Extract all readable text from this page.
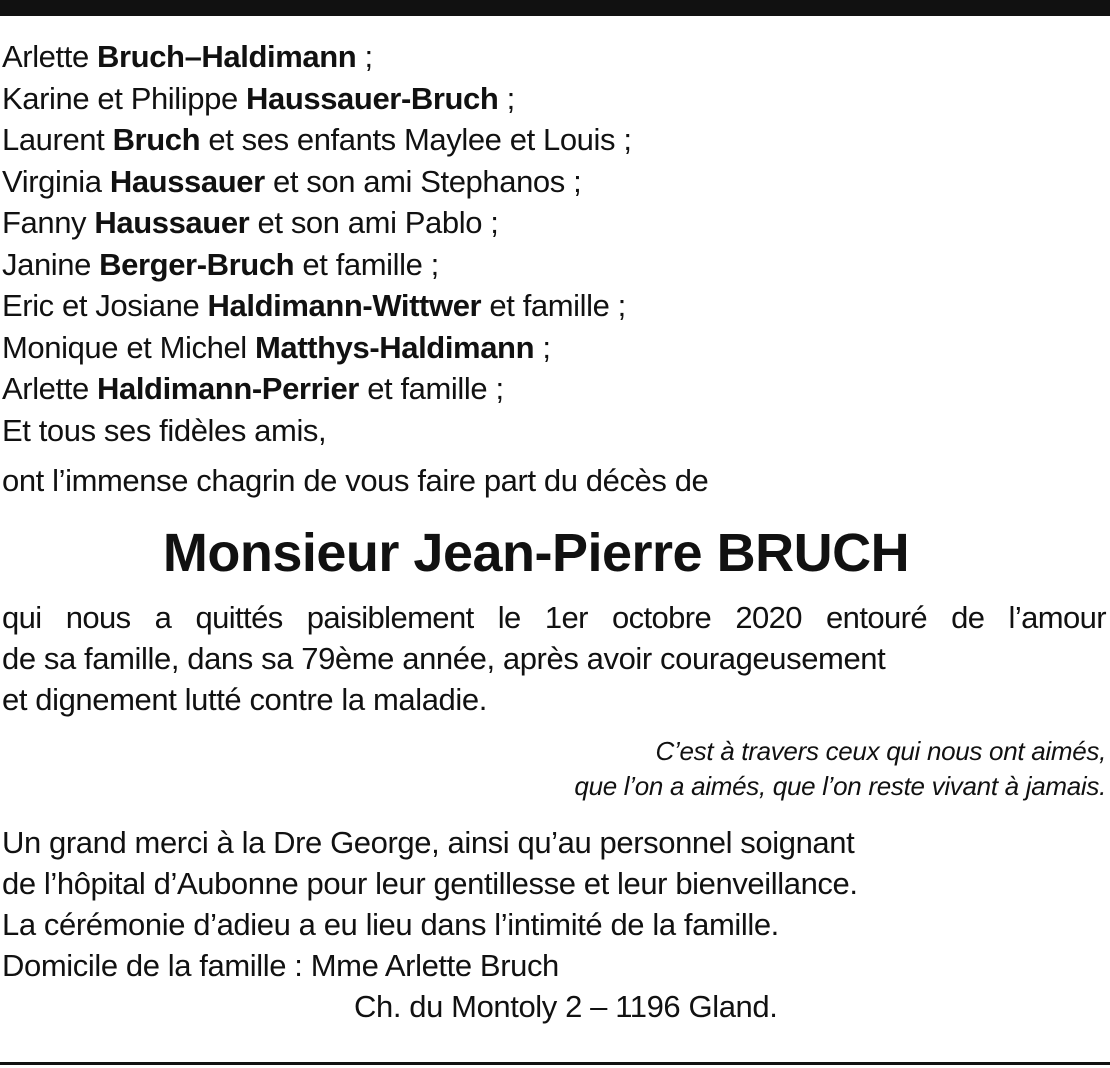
Arlette Bruch–Haldimann ;
Karine et Philippe Haussauer-Bruch ;
Laurent Bruch et ses enfants Maylee et Louis ;
Virginia Haussauer et son ami Stephanos ;
Fanny Haussauer et son ami Pablo ;
Janine Berger-Bruch et famille ;
Eric et Josiane Haldimann-Wittwer et famille ;
Monique et Michel Matthys-Haldimann ;
Arlette Haldimann-Perrier et famille ;
Et tous ses fidèles amis,
ont l’immense chagrin de vous faire part du décès de
Monsieur Jean-Pierre BRUCH
qui nous a quittés paisiblement le 1er octobre 2020 entouré de l’amour
de sa famille, dans sa 79ème année, après avoir courageusement
et dignement lutté contre la maladie.
C’est à travers ceux qui nous ont aimés,
que l’on a aimés, que l’on reste vivant à jamais.
Un grand merci à la Dre George, ainsi qu’au personnel soignant
de l’hôpital d’Aubonne pour leur gentillesse et leur bienveillance.
La cérémonie d’adieu a eu lieu dans l’intimité de la famille.
Domicile de la famille : Mme Arlette Bruch
Ch. du Montoly 2 – 1196 Gland.
